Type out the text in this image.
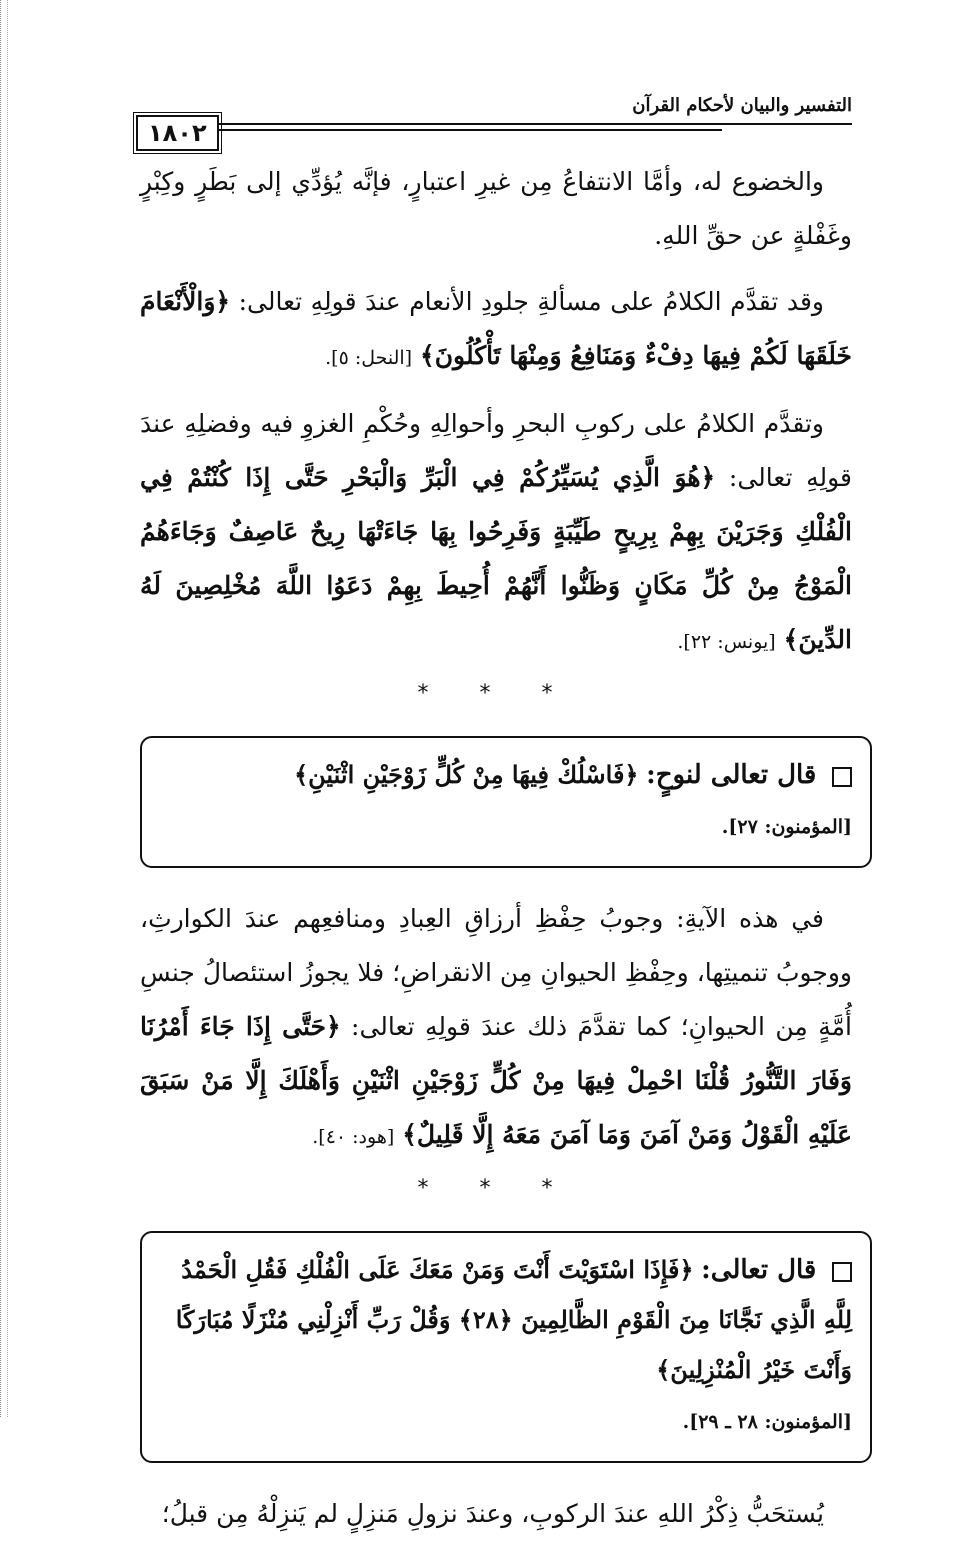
التفسير والبيان لأحكام القرآن
١٨٠٢

والخضوع له، وأمَّا الانتفاعُ مِن غيرِ اعتبارٍ، فإنَّه يُؤدِّي إلى بَطَرٍ وكِبْرٍ وغَفْلةٍ عن حقِّ اللهِ.

وقد تقدَّم الكلامُ على مسألةِ جلودِ الأنعام عندَ قولِهِ تعالى: ﴿وَالْأَنْعَامَ خَلَقَهَا لَكُمْ فِيهَا دِفْءٌ وَمَنَافِعُ وَمِنْهَا تَأْكُلُونَ﴾ [النحل: ٥].

وتقدَّم الكلامُ على ركوبِ البحرِ وأحوالِهِ وحُكْمِ الغزوِ فيه وفضلِهِ عندَ قولِهِ تعالى: ﴿هُوَ الَّذِي يُسَيِّرُكُمْ فِي الْبَرِّ وَالْبَحْرِ حَتَّى إِذَا كُنْتُمْ فِي الْفُلْكِ وَجَرَيْنَ بِهِمْ بِرِيحٍ طَيِّبَةٍ وَفَرِحُوا بِهَا جَاءَتْهَا رِيحٌ عَاصِفٌ وَجَاءَهُمُ الْمَوْجُ مِنْ كُلِّ مَكَانٍ وَظَنُّوا أَنَّهُمْ أُحِيطَ بِهِمْ دَعَوُا اللَّهَ مُخْلِصِينَ لَهُ الدِّينَ﴾ [يونس: ٢٢].

* * *
قال تعالى لنوحٍ: ﴿فَاسْلُكْ فِيهَا مِنْ كُلٍّ زَوْجَيْنِ اثْنَيْنِ﴾
[المؤمنون: ٢٧].

في هذه الآيةِ: وجوبُ حِفْظِ أرزاقِ العِبادِ ومنافعِهم عندَ الكوارثِ، ووجوبُ تنميتِها، وحِفْظِ الحيوانِ مِن الانقراضِ؛ فلا يجوزُ استئصالُ جنسِ أُمَّةٍ مِن الحيوانِ؛ كما تقدَّمَ ذلك عندَ قولِهِ تعالى: ﴿حَتَّى إِذَا جَاءَ أَمْرُنَا وَفَارَ التَّنُّورُ قُلْنَا احْمِلْ فِيهَا مِنْ كُلٍّ زَوْجَيْنِ اثْنَيْنِ وَأَهْلَكَ إِلَّا مَنْ سَبَقَ عَلَيْهِ الْقَوْلُ وَمَنْ آمَنَ وَمَا آمَنَ مَعَهُ إِلَّا قَلِيلٌ﴾ [هود: ٤٠].

* * *
قال تعالى: ﴿فَإِذَا اسْتَوَيْتَ أَنْتَ وَمَنْ مَعَكَ عَلَى الْفُلْكِ فَقُلِ الْحَمْدُ لِلَّهِ الَّذِي نَجَّانَا مِنَ الْقَوْمِ الظَّالِمِينَ ﴿٢٨﴾ وَقُلْ رَبِّ أَنْزِلْنِي مُنْزَلًا مُبَارَكًا وَأَنْتَ خَيْرُ الْمُنْزِلِينَ﴾
[المؤمنون: ٢٨ ـ ٢٩].

يُستحَبُّ ذِكْرُ اللهِ عندَ الركوبِ، وعندَ نزولِ مَنزِلٍ لم يَنزِلْهُ مِن قبلُ؛
